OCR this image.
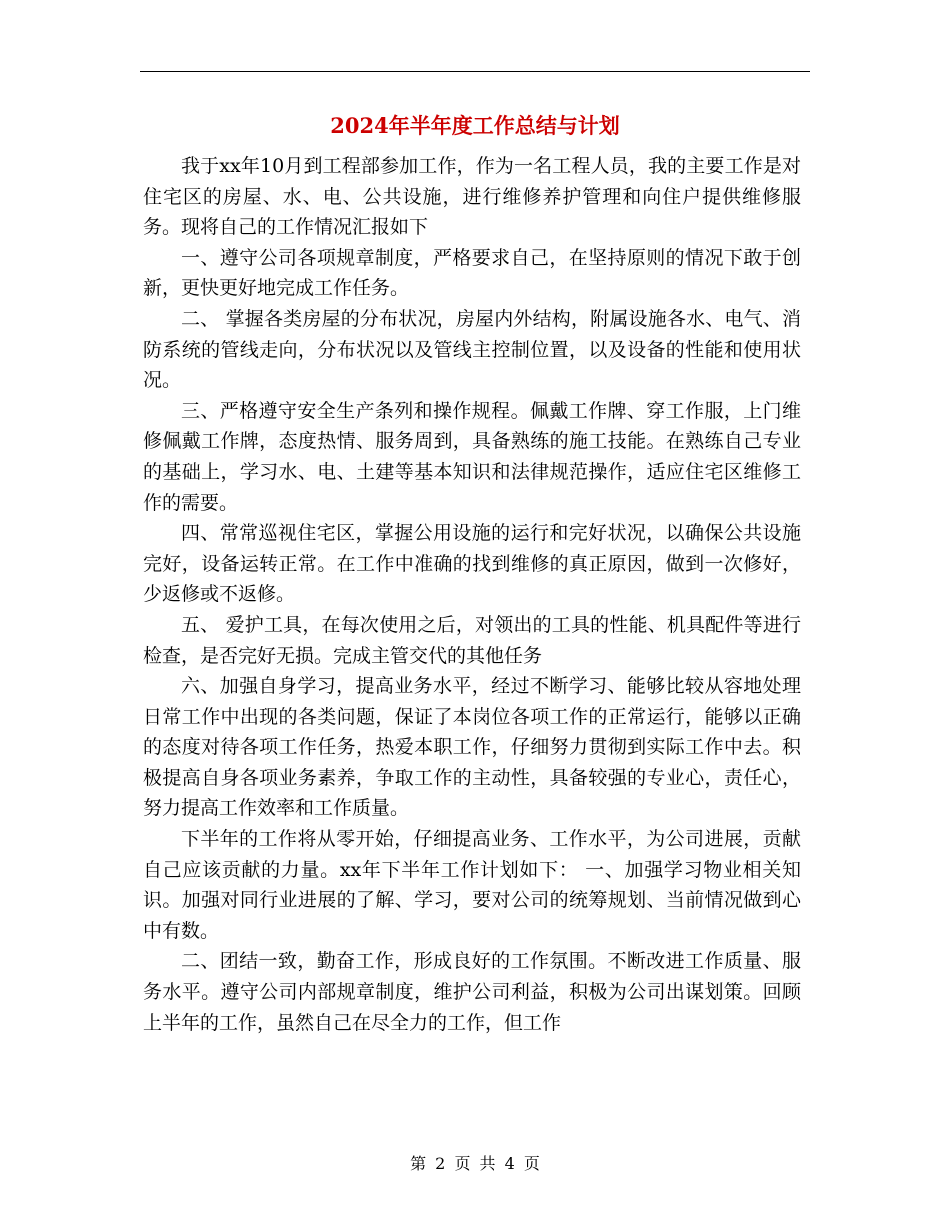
2024年半年度工作总结与计划

我于xx年10月到工程部参加工作，作为一名工程人员，我的主要工作是对住宅区的房屋、水、电、公共设施，进行维修养护管理和向住户提供维修服务。现将自己的工作情况汇报如下

一、遵守公司各项规章制度，严格要求自己，在坚持原则的情况下敢于创新，更快更好地完成工作任务。

二、 掌握各类房屋的分布状况，房屋内外结构，附属设施各水、电气、消防系统的管线走向，分布状况以及管线主控制位置，以及设备的性能和使用状况。

三、严格遵守安全生产条列和操作规程。佩戴工作牌、穿工作服，上门维修佩戴工作牌，态度热情、服务周到，具备熟练的施工技能。在熟练自己专业的基础上，学习水、电、土建等基本知识和法律规范操作，适应住宅区维修工作的需要。

四、常常巡视住宅区，掌握公用设施的运行和完好状况，以确保公共设施完好，设备运转正常。在工作中准确的找到维修的真正原因，做到一次修好，少返修或不返修。

五、 爱护工具，在每次使用之后，对领出的工具的性能、机具配件等进行检查，是否完好无损。完成主管交代的其他任务

六、加强自身学习，提高业务水平，经过不断学习、能够比较从容地处理日常工作中出现的各类问题，保证了本岗位各项工作的正常运行，能够以正确的态度对待各项工作任务，热爱本职工作，仔细努力贯彻到实际工作中去。积极提高自身各项业务素养，争取工作的主动性，具备较强的专业心，责任心，努力提高工作效率和工作质量。

下半年的工作将从零开始，仔细提高业务、工作水平，为公司进展，贡献自己应该贡献的力量。xx年下半年工作计划如下： 一、加强学习物业相关知识。加强对同行业进展的了解、学习，要对公司的统筹规划、当前情况做到心中有数。

二、团结一致，勤奋工作，形成良好的工作氛围。不断改进工作质量、服务水平。遵守公司内部规章制度，维护公司利益，积极为公司出谋划策。回顾上半年的工作，虽然自己在尽全力的工作，但工作

第 2 页 共 4 页
